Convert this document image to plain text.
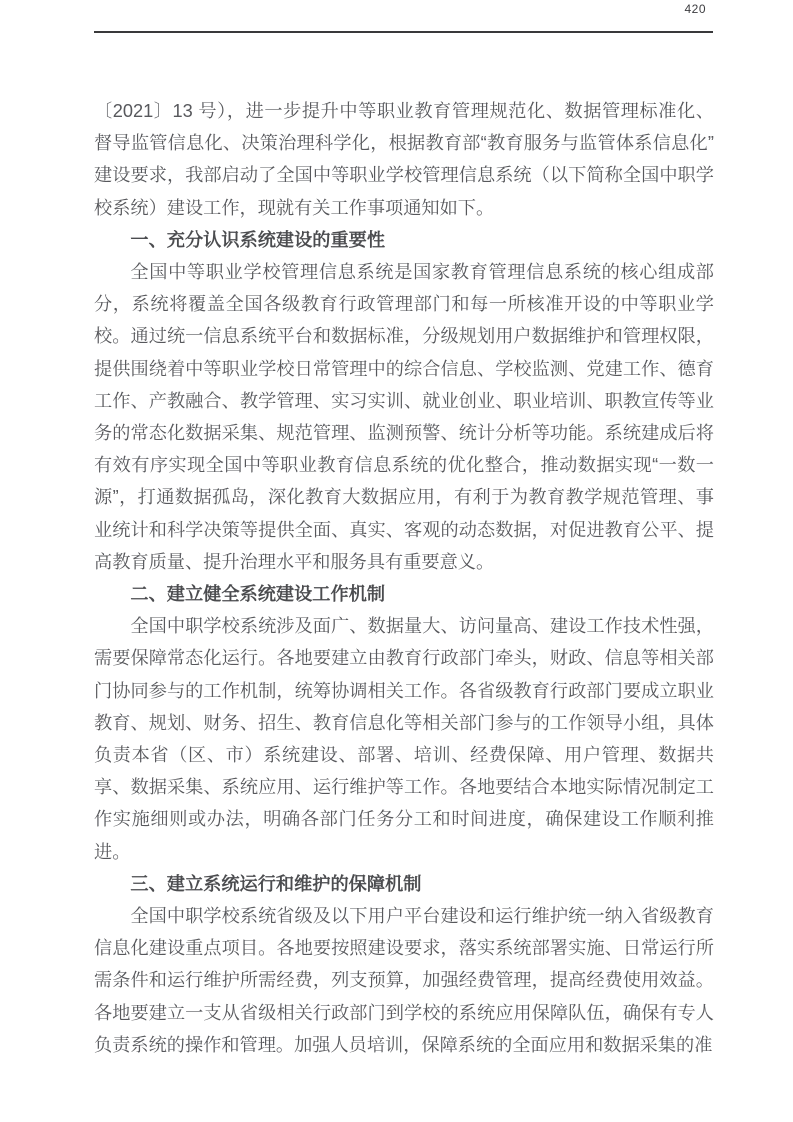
420

〔2021〕13 号），进一步提升中等职业教育管理规范化、数据管理标准化、督导监管信息化、决策治理科学化，根据教育部“教育服务与监管体系信息化”建设要求，我部启动了全国中等职业学校管理信息系统（以下简称全国中职学校系统）建设工作，现就有关工作事项通知如下。

一、充分认识系统建设的重要性

全国中等职业学校管理信息系统是国家教育管理信息系统的核心组成部分，系统将覆盖全国各级教育行政管理部门和每一所核准开设的中等职业学校。通过统一信息系统平台和数据标准，分级规划用户数据维护和管理权限，提供围绕着中等职业学校日常管理中的综合信息、学校监测、党建工作、德育工作、产教融合、教学管理、实习实训、就业创业、职业培训、职教宣传等业务的常态化数据采集、规范管理、监测预警、统计分析等功能。系统建成后将有效有序实现全国中等职业教育信息系统的优化整合，推动数据实现“一数一源”，打通数据孤岛，深化教育大数据应用，有利于为教育教学规范管理、事业统计和科学决策等提供全面、真实、客观的动态数据，对促进教育公平、提高教育质量、提升治理水平和服务具有重要意义。

二、建立健全系统建设工作机制

全国中职学校系统涉及面广、数据量大、访问量高、建设工作技术性强，需要保障常态化运行。各地要建立由教育行政部门牵头，财政、信息等相关部门协同参与的工作机制，统筹协调相关工作。各省级教育行政部门要成立职业教育、规划、财务、招生、教育信息化等相关部门参与的工作领导小组，具体负责本省（区、市）系统建设、部署、培训、经费保障、用户管理、数据共享、数据采集、系统应用、运行维护等工作。各地要结合本地实际情况制定工作实施细则或办法，明确各部门任务分工和时间进度，确保建设工作顺利推进。

三、建立系统运行和维护的保障机制

全国中职学校系统省级及以下用户平台建设和运行维护统一纳入省级教育信息化建设重点项目。各地要按照建设要求，落实系统部署实施、日常运行所需条件和运行维护所需经费，列支预算，加强经费管理，提高经费使用效益。各地要建立一支从省级相关行政部门到学校的系统应用保障队伍，确保有专人负责系统的操作和管理。加强人员培训，保障系统的全面应用和数据采集的准
